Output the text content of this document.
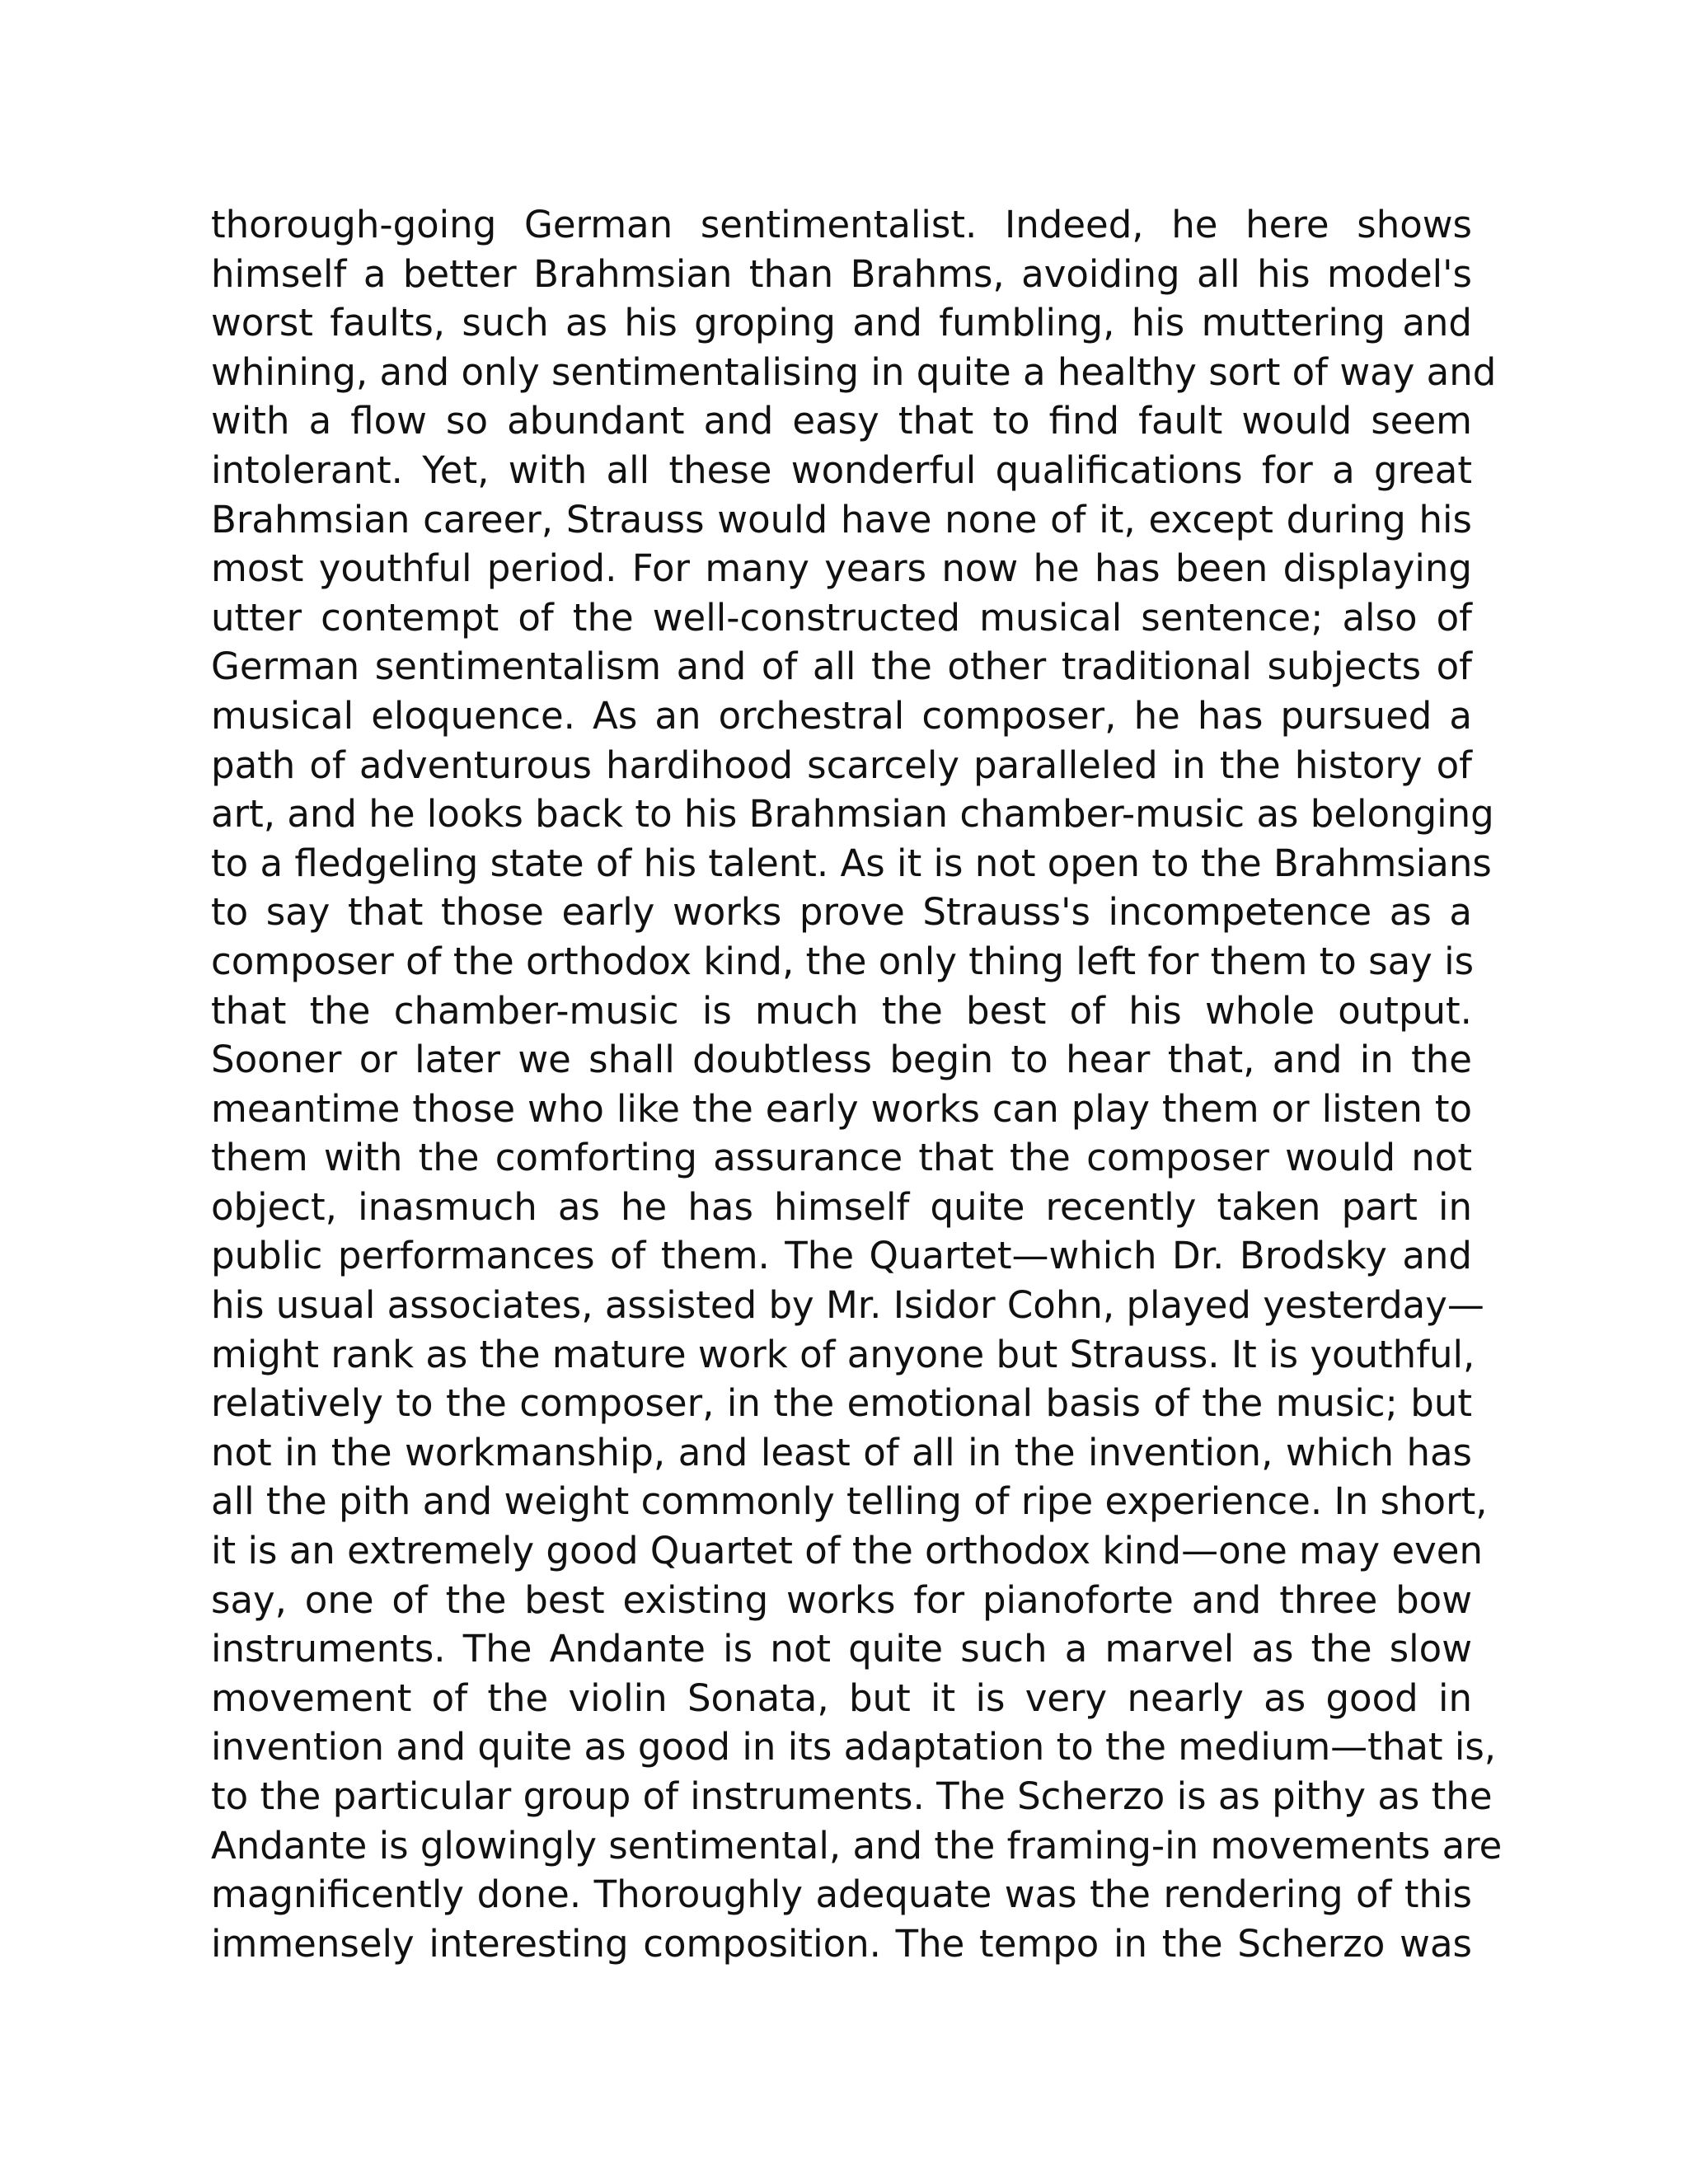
thorough-going German sentimentalist. Indeed, he here shows
himself a better Brahmsian than Brahms, avoiding all his model's
worst faults, such as his groping and fumbling, his muttering and
whining, and only sentimentalising in quite a healthy sort of way and
with a flow so abundant and easy that to find fault would seem
intolerant. Yet, with all these wonderful qualifications for a great
Brahmsian career, Strauss would have none of it, except during his
most youthful period. For many years now he has been displaying
utter contempt of the well-constructed musical sentence; also of
German sentimentalism and of all the other traditional subjects of
musical eloquence. As an orchestral composer, he has pursued a
path of adventurous hardihood scarcely paralleled in the history of
art, and he looks back to his Brahmsian chamber-music as belonging
to a fledgeling state of his talent. As it is not open to the Brahmsians
to say that those early works prove Strauss's incompetence as a
composer of the orthodox kind, the only thing left for them to say is
that the chamber-music is much the best of his whole output.
Sooner or later we shall doubtless begin to hear that, and in the
meantime those who like the early works can play them or listen to
them with the comforting assurance that the composer would not
object, inasmuch as he has himself quite recently taken part in
public performances of them. The Quartet—which Dr. Brodsky and
his usual associates, assisted by Mr. Isidor Cohn, played yesterday—
might rank as the mature work of anyone but Strauss. It is youthful,
relatively to the composer, in the emotional basis of the music; but
not in the workmanship, and least of all in the invention, which has
all the pith and weight commonly telling of ripe experience. In short,
it is an extremely good Quartet of the orthodox kind—one may even
say, one of the best existing works for pianoforte and three bow
instruments. The Andante is not quite such a marvel as the slow
movement of the violin Sonata, but it is very nearly as good in
invention and quite as good in its adaptation to the medium—that is,
to the particular group of instruments. The Scherzo is as pithy as the
Andante is glowingly sentimental, and the framing-in movements are
magnificently done. Thoroughly adequate was the rendering of this
immensely interesting composition. The tempo in the Scherzo was
